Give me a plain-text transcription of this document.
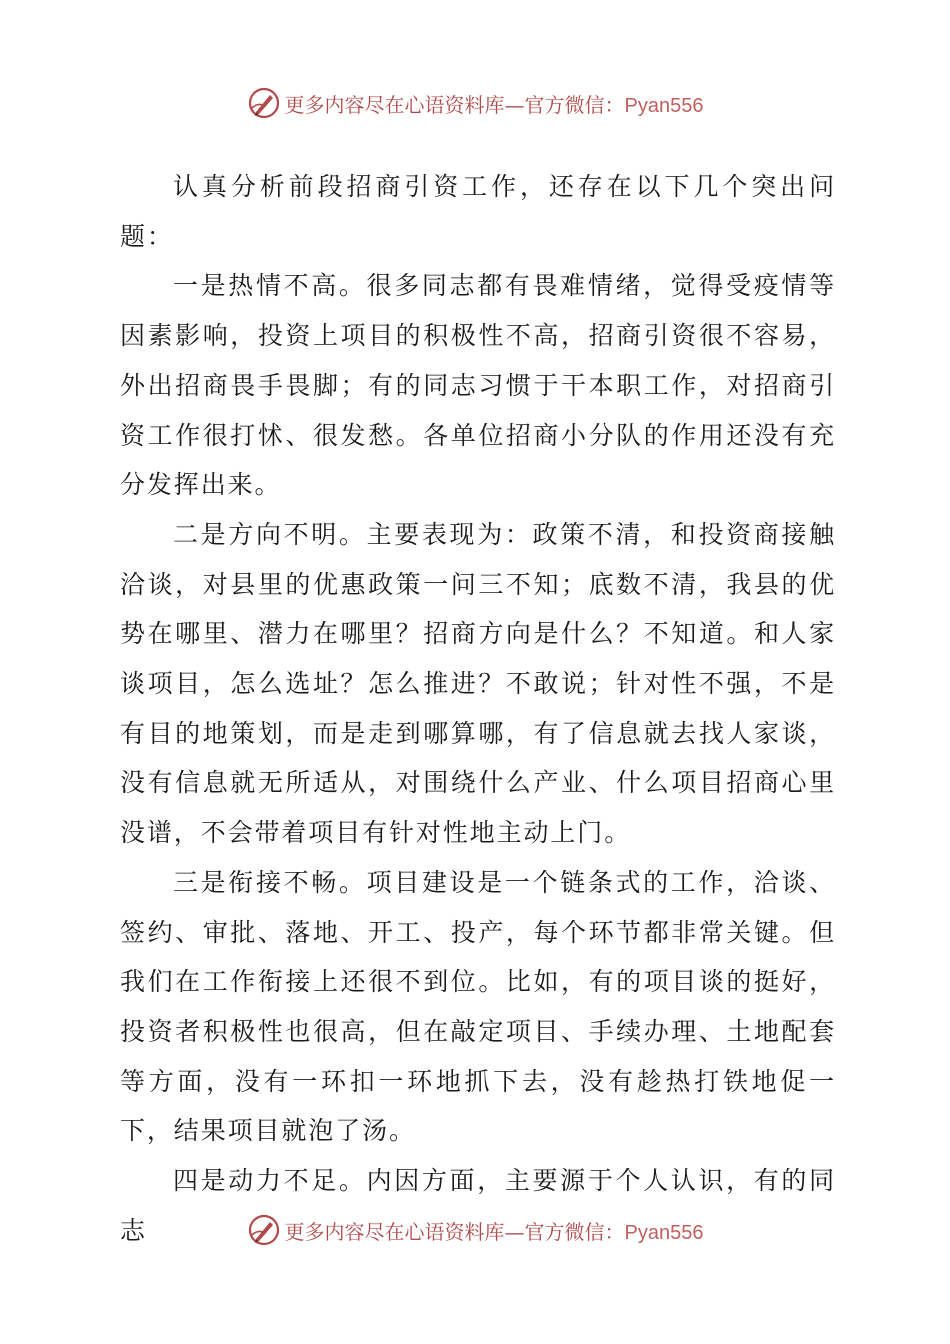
更多内容尽在心语资料库—官方微信：Pyan556

认真分析前段招商引资工作，还存在以下几个突出问题：

一是热情不高。很多同志都有畏难情绪，觉得受疫情等因素影响，投资上项目的积极性不高，招商引资很不容易，外出招商畏手畏脚；有的同志习惯于干本职工作，对招商引资工作很打怵、很发愁。各单位招商小分队的作用还没有充分发挥出来。

二是方向不明。主要表现为：政策不清，和投资商接触洽谈，对县里的优惠政策一问三不知；底数不清，我县的优势在哪里、潜力在哪里？招商方向是什么？不知道。和人家谈项目，怎么选址？怎么推进？不敢说；针对性不强，不是有目的地策划，而是走到哪算哪，有了信息就去找人家谈，没有信息就无所适从，对围绕什么产业、什么项目招商心里没谱，不会带着项目有针对性地主动上门。

三是衔接不畅。项目建设是一个链条式的工作，洽谈、签约、审批、落地、开工、投产，每个环节都非常关键。但我们在工作衔接上还很不到位。比如，有的项目谈的挺好，投资者积极性也很高，但在敲定项目、手续办理、土地配套等方面，没有一环扣一环地抓下去，没有趁热打铁地促一下，结果项目就泡了汤。

四是动力不足。内因方面，主要源于个人认识，有的同志	更多内容尽在心语资料库—官方微信：Pyan556
